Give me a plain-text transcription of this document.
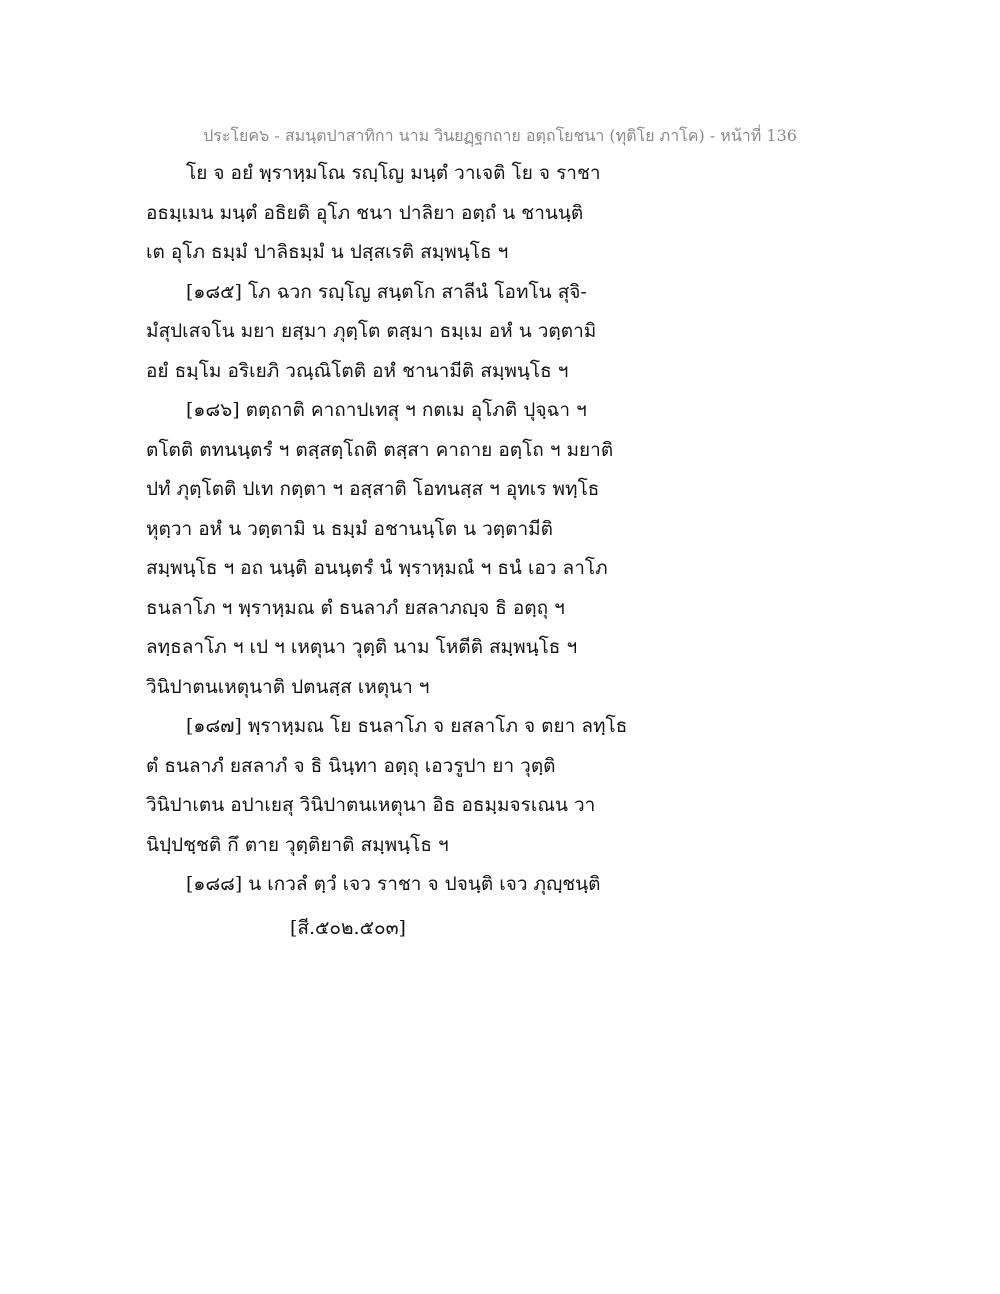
ประโยค๖ - สมนฺตปาสาทิกา นาม วินยฏฺฐกถาย อตฺถโยชนา (ทุติโย ภาโค) - หน้าที่ 136
โย จ อยํ พฺราหฺมโณ รญฺโญ มนฺตํ วาเจติ โย จ ราชา
อธมฺเมน มนฺตํ อธิยติ อุโภ ชนา ปาลิยา อตฺถํ น ชานนฺติ
เต อุโภ ธมฺมํ ปาลิธมฺมํ น ปสฺสเรติ สมฺพนฺโธ ฯ
[๑๘๕] โภ ฉวก รญฺโญ สนฺตโก สาลีนํ โอทโน สุจิ-
มํสุปเสจโน มยา ยสฺมา ภุตฺโต ตสฺมา ธมฺเม อหํ น วตฺตามิ
อยํ ธมฺโม อริเยภิ วณฺณิโตติ อหํ ชานามีติ สมฺพนฺโธ ฯ
[๑๘๖] ตตฺถาติ คาถาปเทสุ ฯ กตเม อุโภติ ปุจฺฉา ฯ
ตโตติ ตทนนฺตรํ ฯ ตสฺสตฺโถติ ตสฺสา คาถาย อตฺโถ ฯ มยาติ
ปทํ ภุตฺโตติ ปเท กตฺตา ฯ อสฺสาติ โอทนสฺส ฯ อุทเร พทฺโธ
หุตฺวา อหํ น วตฺตามิ น ธมฺมํ อชานนฺโต น วตฺตามีติ
สมฺพนฺโธ ฯ อถ นนฺติ อนนฺตรํ นํ พฺราหฺมณํ ฯ ธนํ เอว ลาโภ
ธนลาโภ ฯ พฺราหฺมณ ตํ ธนลาภํ ยสลาภญฺจ ธิ อตฺถุ ฯ
ลทฺธลาโภ ฯ เป ฯ เหตุนา วุตฺติ นาม โหตีติ สมฺพนฺโธ ฯ
วินิปาตนเหตุนาติ ปตนสฺส เหตุนา ฯ
[๑๘๗] พฺราหฺมณ โย ธนลาโภ จ ยสลาโภ จ ตยา ลทฺโธ
ตํ ธนลาภํ ยสลาภํ จ ธิ นินฺทา อตฺถุ เอวรูปา ยา วุตฺติ
วินิปาเตน อปาเยสุ วินิปาตนเหตุนา อิธ อธมฺมจรเณน วา
นิปฺปชฺชติ กึ ตาย วุตฺติยาติ สมฺพนฺโธ ฯ
[๑๘๘] น เกวลํ ตฺวํ เจว ราชา จ ปจนฺติ เจว ภุญฺชนฺติ
[สี.๕๐๒.๕๐๓]
